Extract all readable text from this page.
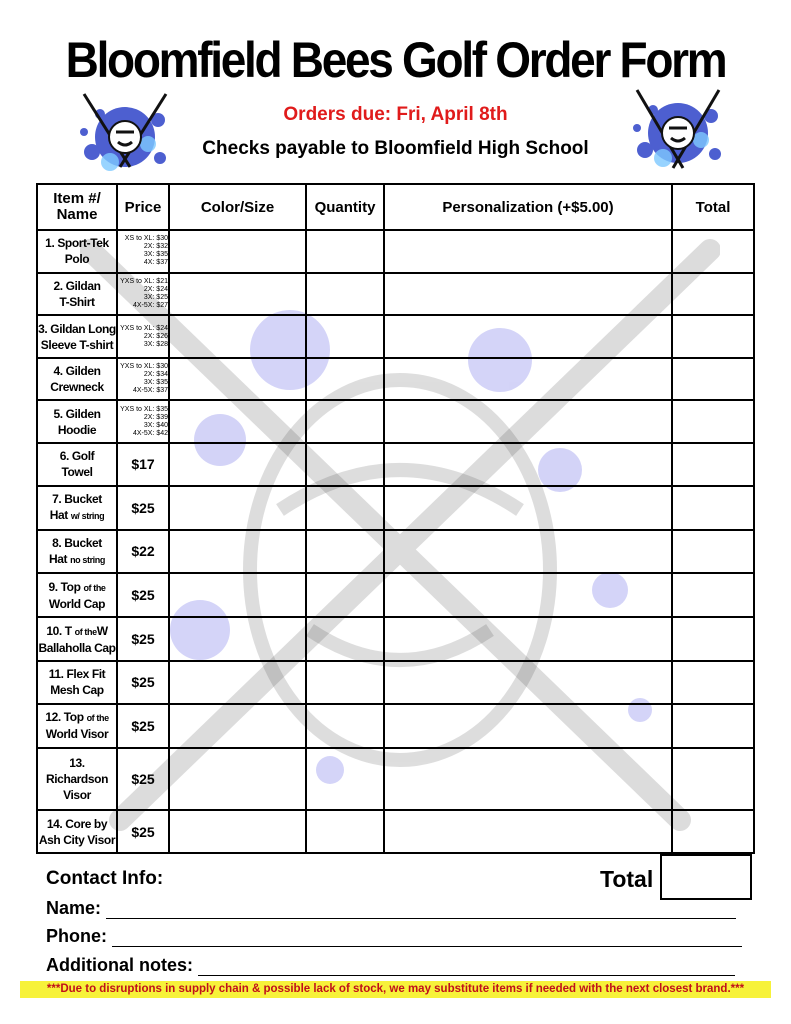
Bloomfield Bees Golf Order Form
Orders due: Fri, April 8th
Checks payable to Bloomfield High School
Item #/
Name	Price	Color/Size	Quantity	Personalization (+$5.00)	Total
1. Sport-Tek
Polo	XS to XL: $30
2X: $32
3X: $35
4X: $37				
2. Gildan
T-Shirt	YXS to XL: $21
2X: $24
3X: $25
4X-5X: $27				
3. Gildan Long
Sleeve T-shirt	YXS to XL: $24
2X: $26
3X: $28				
4. Gilden
Crewneck	YXS to XL: $30
2X: $34
3X: $35
4X-5X: $37				
5. Gilden
Hoodie	YXS to XL: $35
2X: $39
3X: $40
4X-5X: $42				
6. Golf
Towel	$17				
7. Bucket
Hat w/ string	$25				
8. Bucket
Hat no string	$22				
9. Top of the
World Cap	$25				
10. T of theW
Ballaholla Cap	$25				
11. Flex Fit
Mesh Cap	$25				
12. Top of the
World Visor	$25				
13. Richardson
Visor	$25				
14. Core by
Ash City Visor	$25				
Contact Info:	Total
Name:
Phone:
Additional notes:
***Due to disruptions in supply chain & possible lack of stock, we may substitute items if needed with the next closest brand.***
